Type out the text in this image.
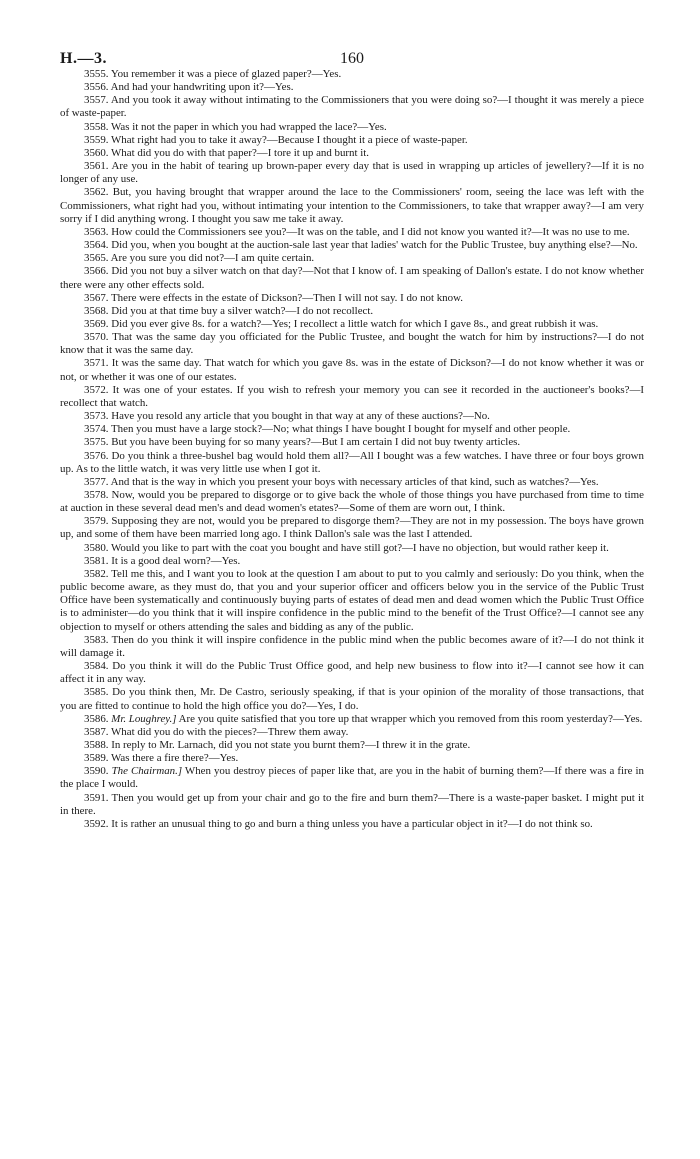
H.—3.	160

3555. You remember it was a piece of glazed paper?—Yes.

3556. And had your handwriting upon it?—Yes.

3557. And you took it away without intimating to the Commissioners that you were doing so?—I thought it was merely a piece of waste-paper.

3558. Was it not the paper in which you had wrapped the lace?—Yes.

3559. What right had you to take it away?—Because I thought it a piece of waste-paper.

3560. What did you do with that paper?—I tore it up and burnt it.

3561. Are you in the habit of tearing up brown-paper every day that is used in wrapping up articles of jewellery?—If it is no longer of any use.

3562. But, you having brought that wrapper around the lace to the Commissioners' room, seeing the lace was left with the Commissioners, what right had you, without intimating your intention to the Commissioners, to take that wrapper away?—I am very sorry if I did anything wrong. I thought you saw me take it away.

3563. How could the Commissioners see you?—It was on the table, and I did not know you wanted it?—It was no use to me.

3564. Did you, when you bought at the auction-sale last year that ladies' watch for the Public Trustee, buy anything else?—No.

3565. Are you sure you did not?—I am quite certain.

3566. Did you not buy a silver watch on that day?—Not that I know of. I am speaking of Dallon's estate. I do not know whether there were any other effects sold.

3567. There were effects in the estate of Dickson?—Then I will not say. I do not know.

3568. Did you at that time buy a silver watch?—I do not recollect.

3569. Did you ever give 8s. for a watch?—Yes; I recollect a little watch for which I gave 8s., and great rubbish it was.

3570. That was the same day you officiated for the Public Trustee, and bought the watch for him by instructions?—I do not know that it was the same day.

3571. It was the same day. That watch for which you gave 8s. was in the estate of Dickson?—I do not know whether it was or not, or whether it was one of our estates.

3572. It was one of your estates. If you wish to refresh your memory you can see it recorded in the auctioneer's books?—I recollect that watch.

3573. Have you resold any article that you bought in that way at any of these auctions?—No.

3574. Then you must have a large stock?—No; what things I have bought I bought for myself and other people.

3575. But you have been buying for so many years?—But I am certain I did not buy twenty articles.

3576. Do you think a three-bushel bag would hold them all?—All I bought was a few watches. I have three or four boys grown up. As to the little watch, it was very little use when I got it.

3577. And that is the way in which you present your boys with necessary articles of that kind, such as watches?—Yes.

3578. Now, would you be prepared to disgorge or to give back the whole of those things you have purchased from time to time at auction in these several dead men's and dead women's etates?—Some of them are worn out, I think.

3579. Supposing they are not, would you be prepared to disgorge them?—They are not in my possession. The boys have grown up, and some of them have been married long ago. I think Dallon's sale was the last I attended.

3580. Would you like to part with the coat you bought and have still got?—I have no objection, but would rather keep it.

3581. It is a good deal worn?—Yes.

3582. Tell me this, and I want you to look at the question I am about to put to you calmly and seriously: Do you think, when the public become aware, as they must do, that you and your superior officer and officers below you in the service of the Public Trust Office have been systematically and continuously buying parts of estates of dead men and dead women which the Public Trust Office is to administer—do you think that it will inspire confidence in the public mind to the benefit of the Trust Office?—I cannot see any objection to myself or others attending the sales and bidding as any of the public.

3583. Then do you think it will inspire confidence in the public mind when the public becomes aware of it?—I do not think it will damage it.

3584. Do you think it will do the Public Trust Office good, and help new business to flow into it?—I cannot see how it can affect it in any way.

3585. Do you think then, Mr. De Castro, seriously speaking, if that is your opinion of the morality of those transactions, that you are fitted to continue to hold the high office you do?—Yes, I do.

3586. Mr. Loughrey.] Are you quite satisfied that you tore up that wrapper which you removed from this room yesterday?—Yes.

3587. What did you do with the pieces?—Threw them away.

3588. In reply to Mr. Larnach, did you not state you burnt them?—I threw it in the grate.

3589. Was there a fire there?—Yes.

3590. The Chairman.] When you destroy pieces of paper like that, are you in the habit of burning them?—If there was a fire in the place I would.

3591. Then you would get up from your chair and go to the fire and burn them?—There is a waste-paper basket. I might put it in there.

3592. It is rather an unusual thing to go and burn a thing unless you have a particular object in it?—I do not think so.
